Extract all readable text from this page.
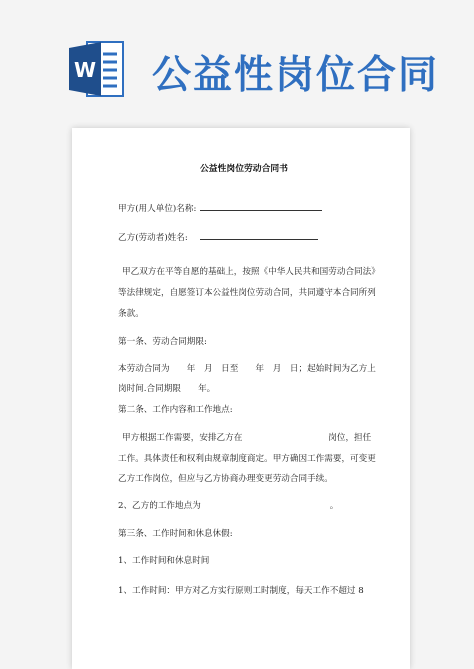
W 公益性岗位合同
公益性岗位劳动合同书
甲方(用人单位)名称:
乙方(劳动者)姓名:
甲乙双方在平等自愿的基础上，按照《中华人民共和国劳动合同法》
等法律规定，自愿签订本公益性岗位劳动合同，共同遵守本合同所列
条款。
第一条、劳动合同期限:
本劳动合同为　　年　月　日至　　年　月　日；起始时间为乙方上
岗时间.合同期限　　年。
第二条、工作内容和工作地点:
甲方根据工作需要，安排乙方在　　　　　　　　　　岗位，担任
工作。具体责任和权利由规章制度商定。甲方确因工作需要，可变更
乙方工作岗位，但应与乙方协商办理变更劳动合同手续。
2、乙方的工作地点为　　　　　　　　　　　　　　　。
第三条、工作时间和休息休假:
1、工作时间和休息时间
1、工作时间：甲方对乙方实行原则工时制度，每天工作不超过 8
